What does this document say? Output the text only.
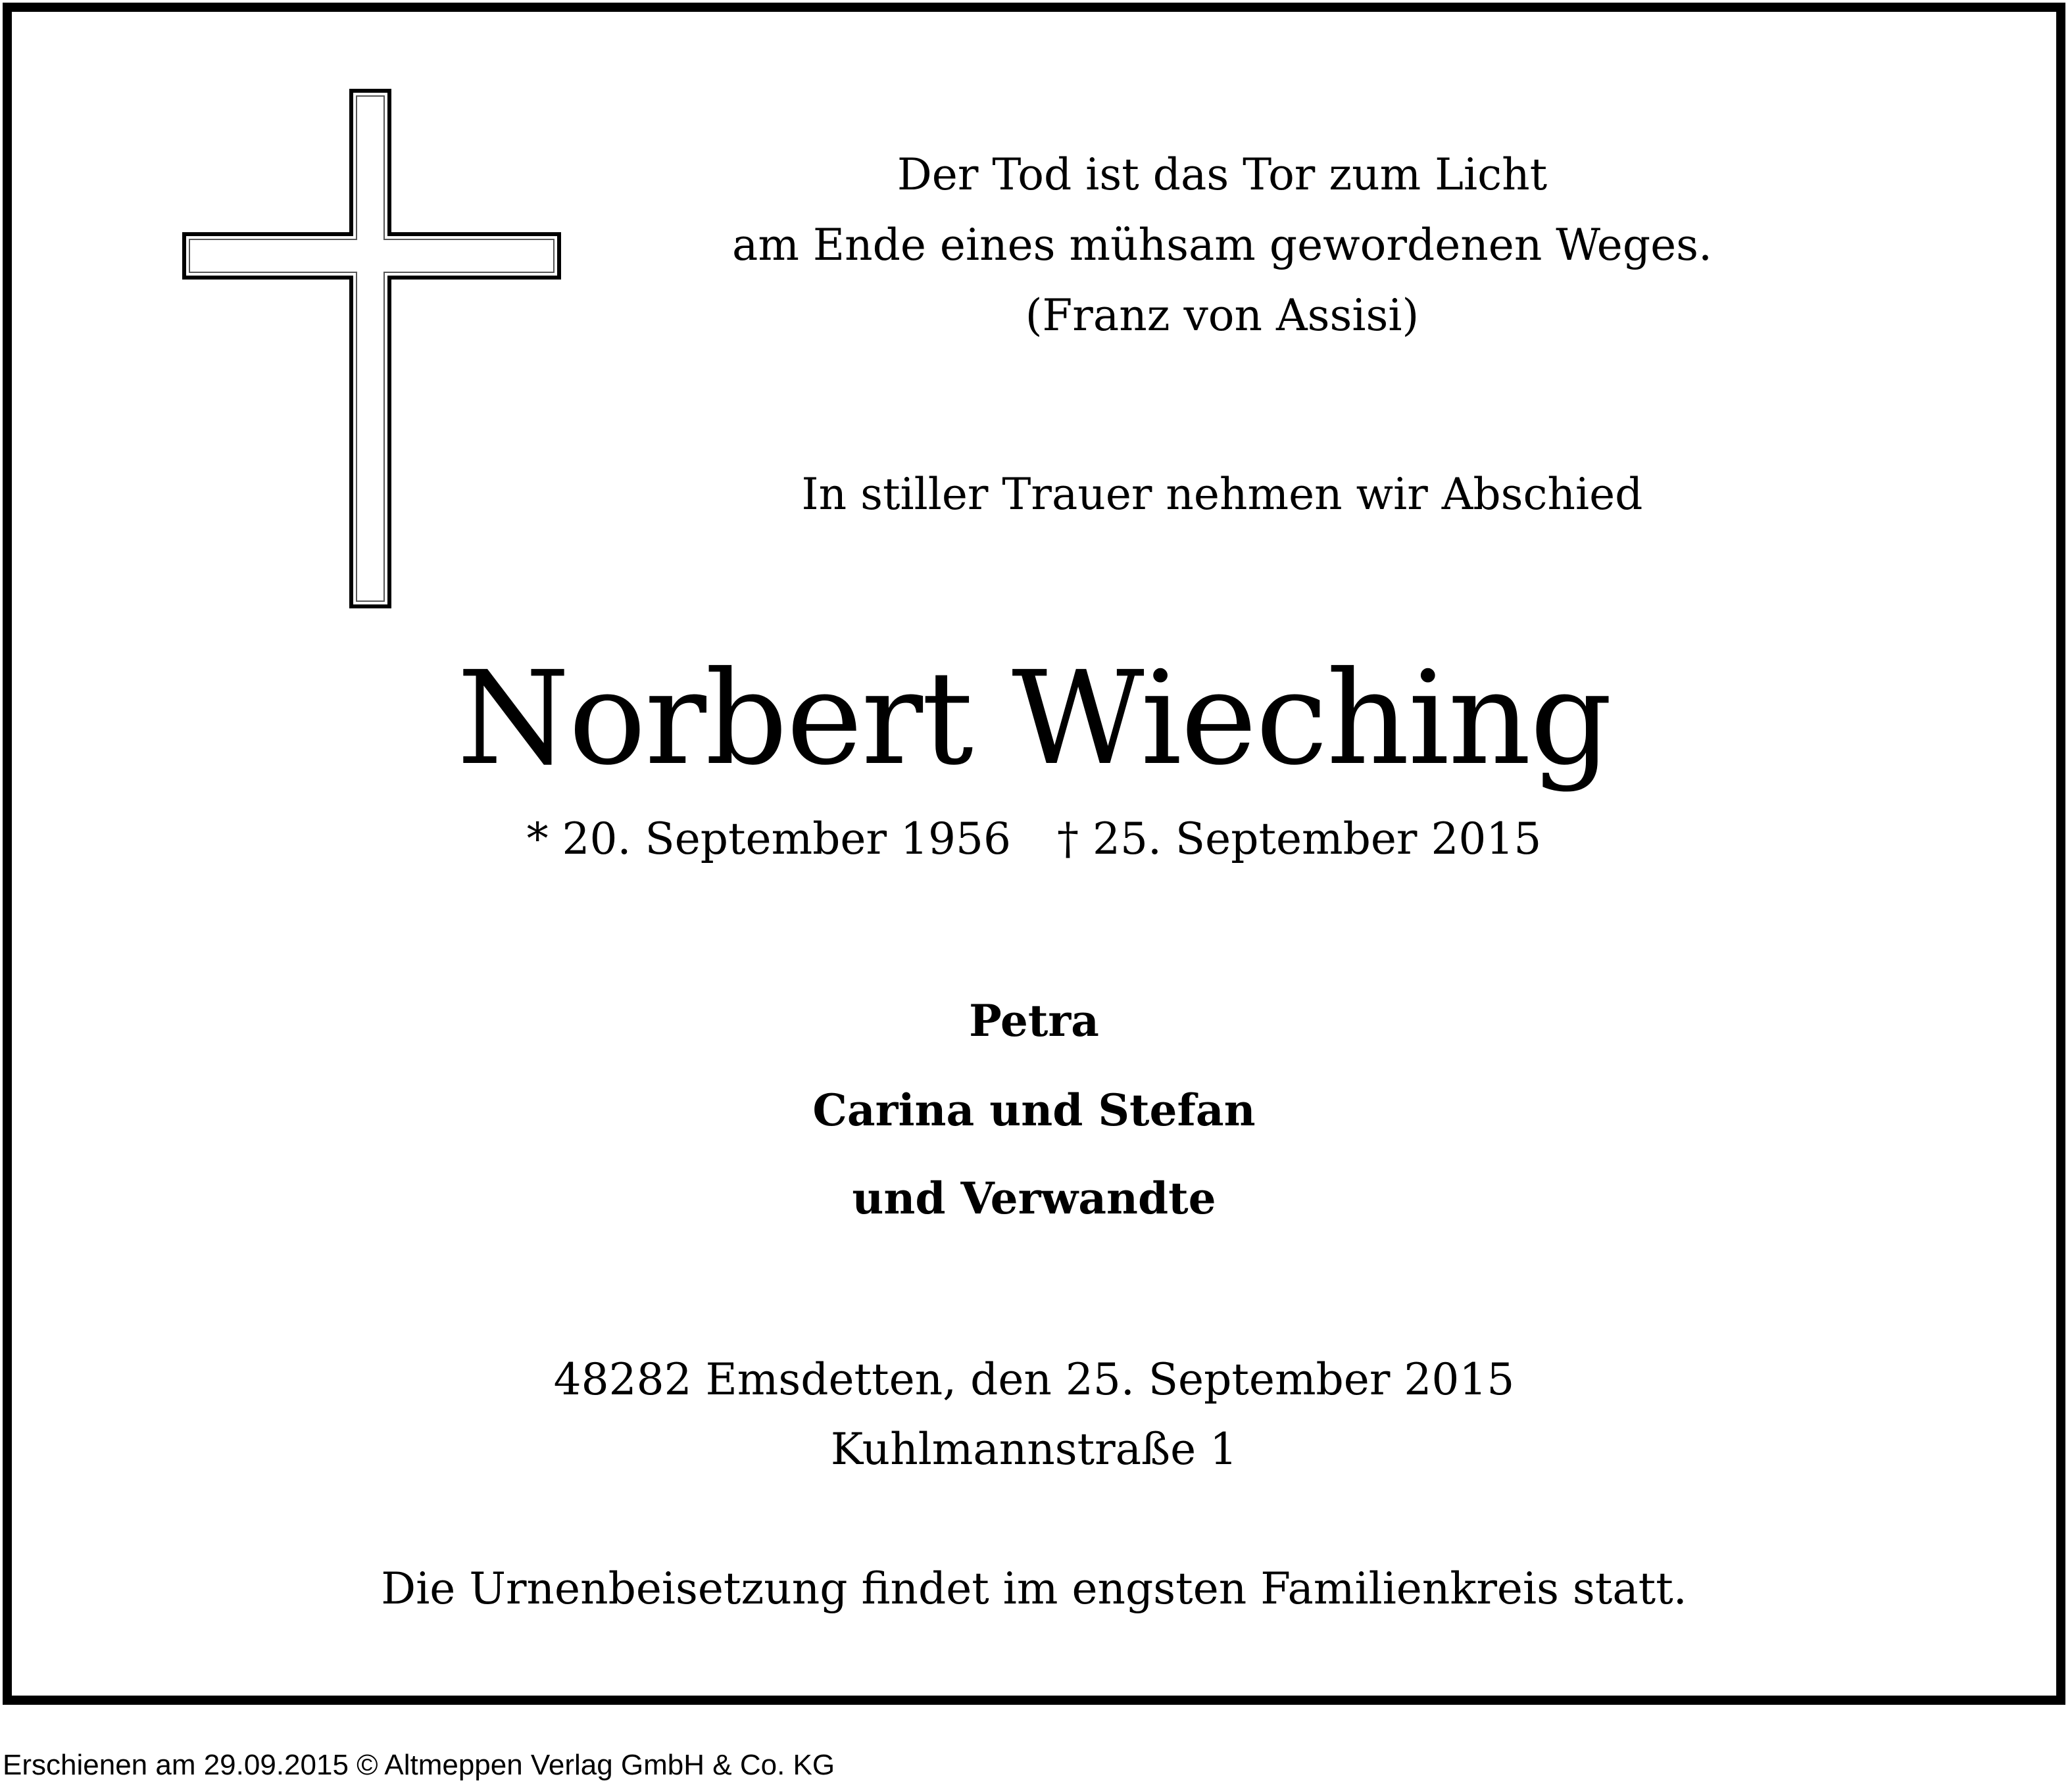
Der Tod ist das Tor zum Licht
am Ende eines mühsam gewordenen Weges.
(Franz von Assisi)
In stiller Trauer nehmen wir Abschied
Norbert Wieching
* 20. September 1956 † 25. September 2015
Petra
Carina und Stefan
und Verwandte
48282 Emsdetten, den 25. September 2015
Kuhlmannstraße 1
Die Urnenbeisetzung findet im engsten Familienkreis statt.
Erschienen am 29.09.2015 © Altmeppen Verlag GmbH & Co. KG
